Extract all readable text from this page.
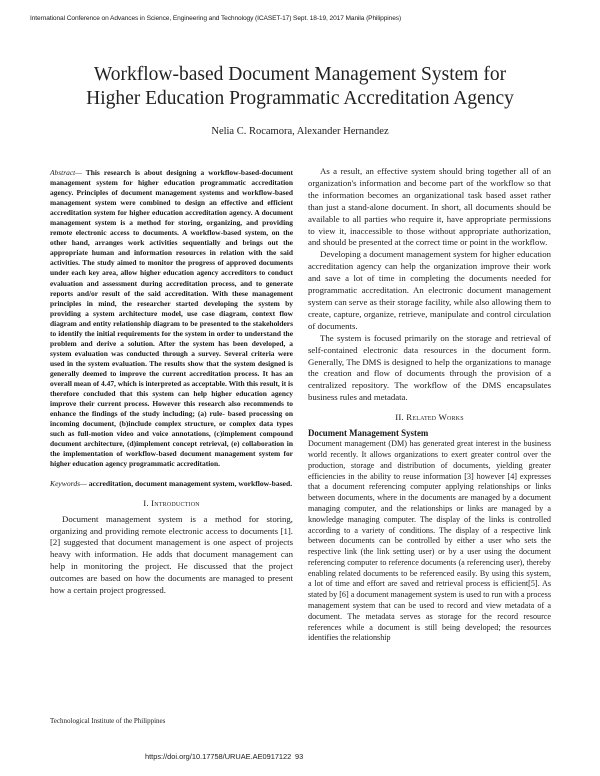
International Conference on Advances in Science, Engineering and Technology (ICASET-17) Sept. 18-19, 2017 Manila (Philippines)
Workflow-based Document Management System for
Higher Education Programmatic Accreditation Agency
Nelia C. Rocamora, Alexander Hernandez

Abstract— This research is about designing a workflow-based-document management system for higher education programmatic accreditation agency. Principles of document management systems and workflow-based management system were combined to design an effective and efficient accreditation system for higher education accreditation agency. A document management system is a method for storing, organizing, and providing remote electronic access to documents. A workflow-based system, on the other hand, arranges work activities sequentially and brings out the appropriate human and information resources in relation with the said activities. The study aimed to monitor the progress of approved documents under each key area, allow higher education agency accreditors to conduct evaluation and assessment during accreditation process, and to generate reports and/or result of the said accreditation. With these management principles in mind, the researcher started developing the system by providing a system architecture model, use case diagram, context flow diagram and entity relationship diagram to be presented to the stakeholders to identify the initial requirements for the system in order to understand the problem and derive a solution. After the system has been developed, a system evaluation was conducted through a survey. Several criteria were used in the system evaluation. The results show that the system designed is generally deemed to improve the current accreditation process. It has an overall mean of 4.47, which is interpreted as acceptable. With this result, it is therefore concluded that this system can help higher education agency improve their current process. However this research also recommends to enhance the findings of the study including; (a) rule- based processing on incoming document, (b)include complex structure, or complex data types such as full-motion video and voice annotations, (c)implement compound document architecture, (d)implement concept retrieval, (e) collaboration in the implementation of workflow-based document management system for higher education agency programmatic accreditation.

Keywords— accreditation, document management system, workflow-based.

I. Introduction

Document management system is a method for storing, organizing and providing remote electronic access to documents [1]. [2] suggested that document management is one aspect of projects heavy with information. He adds that document management can help in monitoring the project. He discussed that the project outcomes are based on how the documents are managed to present how a certain project progressed.

As a result, an effective system should bring together all of an organization's information and become part of the workflow so that the information becomes an organizational task based asset rather than just a stand-alone document. In short, all documents should be available to all parties who require it, have appropriate permissions to view it, inaccessible to those without appropriate authorization, and should be presented at the correct time or point in the workflow.

Developing a document management system for higher education accreditation agency can help the organization improve their work and save a lot of time in completing the documents needed for programmatic accreditation. An electronic document management system can serve as their storage facility, while also allowing them to create, capture, organize, retrieve, manipulate and control circulation of documents.

The system is focused primarily on the storage and retrieval of self-contained electronic data resources in the document form. Generally, The DMS is designed to help the organizations to manage the creation and flow of documents through the provision of a centralized repository. The workflow of the DMS encapsulates business rules and metadata.

II. Related Works
Document Management System

Document management (DM) has generated great interest in the business world recently. It allows organizations to exert greater control over the production, storage and distribution of documents, yielding greater efficiencies in the ability to reuse information [3] however [4] expresses that a document referencing computer applying relationships or links between documents, where in the documents are managed by a document managing computer, and the relationships or links are managed by a knowledge managing computer. The display of the links is controlled according to a variety of conditions. The display of a respective link between documents can be controlled by either a user who sets the respective link (the link setting user) or by a user using the document referencing computer to reference documents (a referencing user), thereby enabling related documents to be referenced easily. By using this system, a lot of time and effort are saved and retrieval process is efficient[5]. As stated by [6] a document management system is used to run with a process management system that can be used to record and view metadata of a document. The metadata serves as storage for the record resource references while a document is still being developed; the resources identifies the relationship

Technological Institute of the Philippines
https://doi.org/10.17758/URUAE.AE0917122 93
